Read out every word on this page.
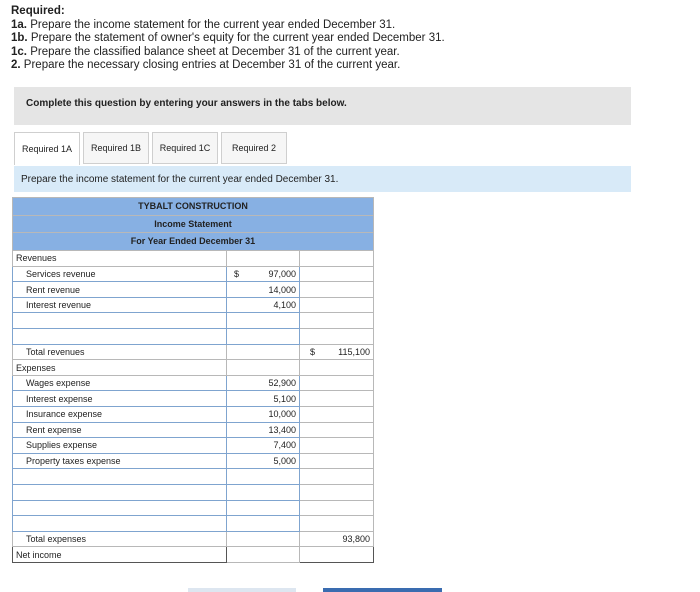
Required:
1a. Prepare the income statement for the current year ended December 31.
1b. Prepare the statement of owner's equity for the current year ended December 31.
1c. Prepare the classified balance sheet at December 31 of the current year.
2. Prepare the necessary closing entries at December 31 of the current year.
Complete this question by entering your answers in the tabs below.
Required 1A	Required 1B	Required 1C	Required 2
Prepare the income statement for the current year ended December 31.
TYBALT CONSTRUCTION		

Income Statement		

For Year Ended December 31		

Revenues		
Services revenue	$ 97,000	

Rent revenue	14,000	
Interest revenue	4,100	

Total revenues		$ 115,100

Expenses		
Wages expense	52,900	
Interest expense	5,100	
Insurance expense	10,000	
Rent expense	13,400	
Supplies expense	7,400	
Property taxes expense	5,000	

Total expenses		93,800
Net income		
